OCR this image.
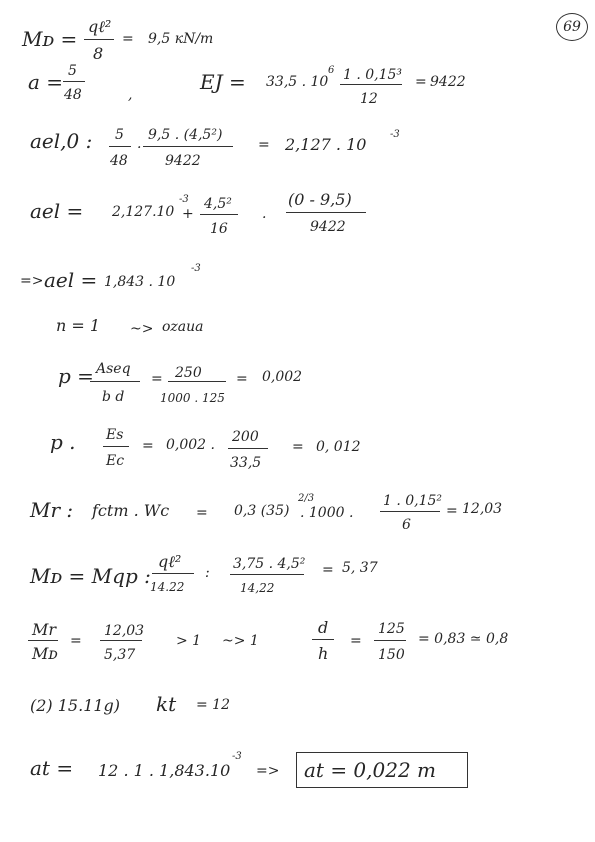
69
Мᴅ =
qℓ²
8
= 9,5 кN/m
a = 5
48	,
EJ = 33,5 . 10
6 1 . 0,15³
12
= 9422
ael,0 : 5
48
.
9,5 . (4,5²)
9422
= 2,127 . 10
-3
ael = 2,127.10
-3
+
4,5²
16
.
(0 - 9,5)
9422
=> ael = 1,843 . 10
-3
n = 1 ~> ozaua
p = Aseq
b d
= 250
1000 . 125
= 0,002
p . Es
Ec
= 0,002 . 200
33,5
= 0, 012
Mr : fctm . Wc = 0,3 (35)
2/3
. 1000 .
1 . 0,15²
6
= 12,03
Mᴅ = Mqp :
qℓ²
14.22
:
3,75 . 4,5²
14,22
= 5, 37
Mr
Mᴅ
=
12,03
5,37
> 1 ~> 1
d
h
=
125
150
= 0,83 ≃ 0,8
(2) 15.11g) kt = 12
at = 12 . 1 . 1,843.10
-3
=> at = 0,022 m
